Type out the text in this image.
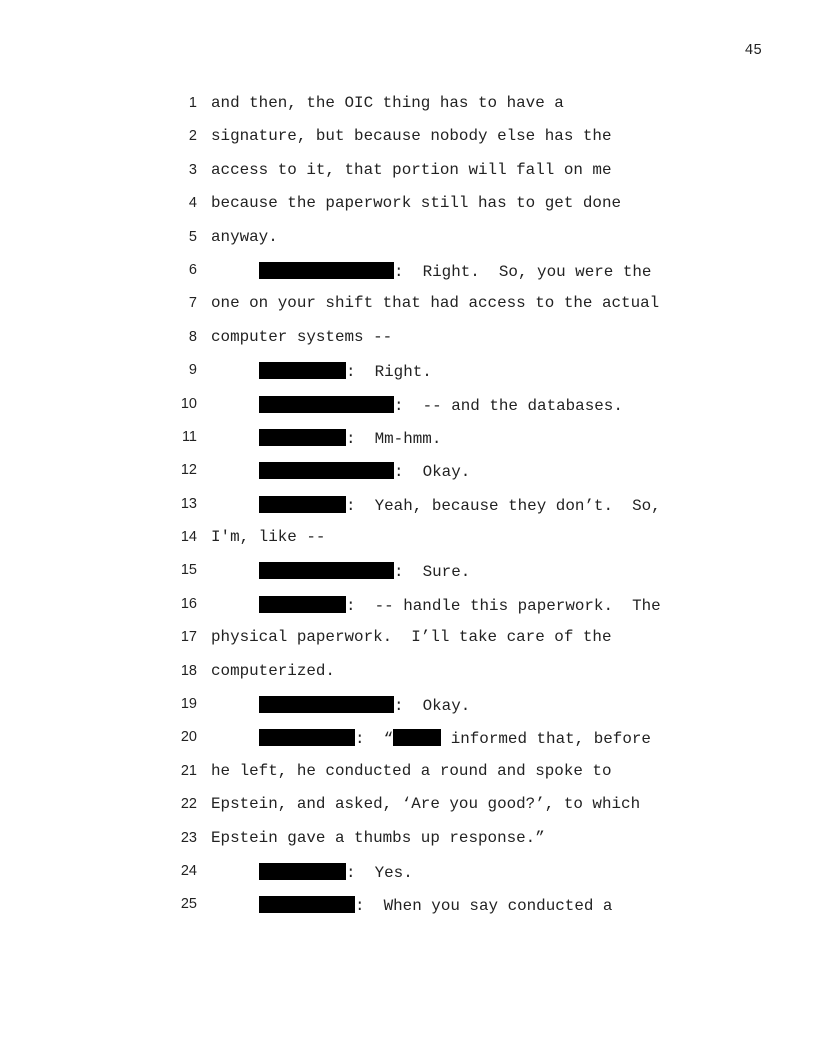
45
1 and then, the OIC thing has to have a
2 signature, but because nobody else has the
3 access to it, that portion will fall on me
4 because the paperwork still has to get done
5 anyway.
6	:  Right.  So, you were the
7 one on your shift that had access to the actual
8 computer systems --
9	:  Right.
10	:  -- and the databases.
11	:  Mm-hmm.
12	:  Okay.
13	:  Yeah, because they don’t.  So,
14 I'm, like --
15	:  Sure.
16	:  -- handle this paperwork.  The
17 physical paperwork.  I’ll take care of the
18 computerized.
19	:  Okay.
20	:  “	informed that, before
21 he left, he conducted a round and spoke to
22 Epstein, and asked, ‘Are you good?’, to which
23 Epstein gave a thumbs up response.”
24	:  Yes.
25	:  When you say conducted a
